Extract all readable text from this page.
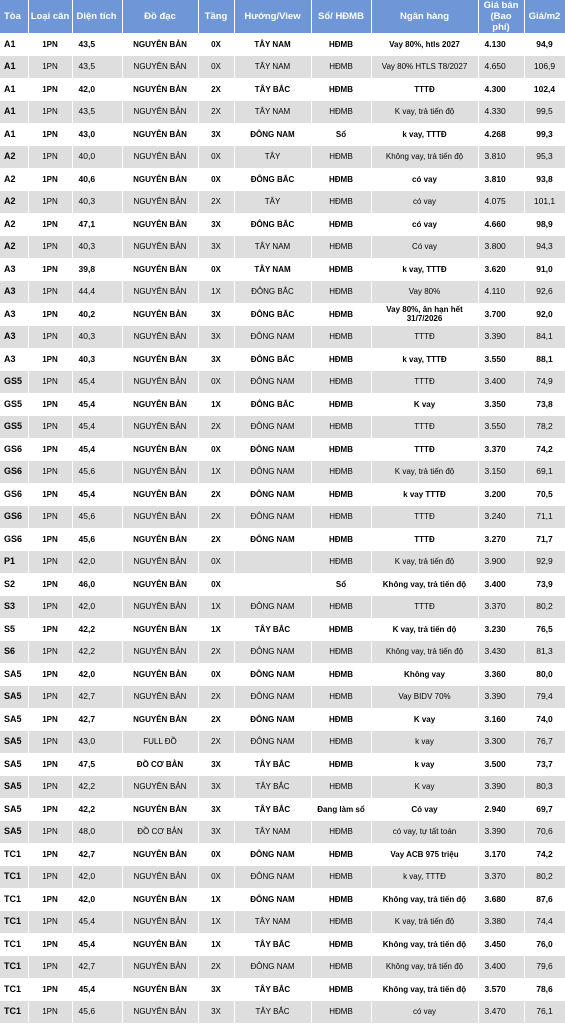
Tòa	Loại căn	Diện tích	Đồ đạc	Tầng	Hướng/View	Sổ/ HĐMB	Ngân hàng	Giá bán (Bao phí)	Giá/m2
A1	1PN	43,5	NGUYÊN BẢN	0X	TÂY NAM	HĐMB	Vay 80%, htls 2027	4.130	94,9
A1	1PN	43,5	NGUYÊN BẢN	0X	TÂY NAM	HĐMB	Vay 80% HTLS T8/2027	4.650	106,9
A1	1PN	42,0	NGUYÊN BẢN	2X	TÂY BẮC	HĐMB	TTTĐ	4.300	102,4
A1	1PN	43,5	NGUYÊN BẢN	2X	TÂY NAM	HĐMB	K vay, trả tiến độ	4.330	99,5
A1	1PN	43,0	NGUYÊN BẢN	3X	ĐÔNG NAM	Sổ	k vay, TTTĐ	4.268	99,3
A2	1PN	40,0	NGUYÊN BẢN	0X	TÂY	HĐMB	Không vay, trả tiến độ	3.810	95,3
A2	1PN	40,6	NGUYÊN BẢN	0X	ĐÔNG BẮC	HĐMB	có vay	3.810	93,8
A2	1PN	40,3	NGUYÊN BẢN	2X	TÂY	HĐMB	có vay	4.075	101,1
A2	1PN	47,1	NGUYÊN BẢN	3X	ĐÔNG BẮC	HĐMB	có vay	4.660	98,9
A2	1PN	40,3	NGUYÊN BẢN	3X	TÂY NAM	HĐMB	Có vay	3.800	94,3
A3	1PN	39,8	NGUYÊN BẢN	0X	TÂY NAM	HĐMB	k vay, TTTĐ	3.620	91,0
A3	1PN	44,4	NGUYÊN BẢN	1X	ĐÔNG BẮC	HĐMB	Vay 80%	4.110	92,6
A3	1PN	40,2	NGUYÊN BẢN	3X	ĐÔNG BẮC	HĐMB	Vay 80%, ân hạn hết 31/7/2026	3.700	92,0
A3	1PN	40,3	NGUYÊN BẢN	3X	ĐÔNG NAM	HĐMB	TTTĐ	3.390	84,1
A3	1PN	40,3	NGUYÊN BẢN	3X	ĐÔNG BẮC	HĐMB	k vay, TTTĐ	3.550	88,1
GS5	1PN	45,4	NGUYÊN BẢN	0X	ĐÔNG NAM	HĐMB	TTTĐ	3.400	74,9
GS5	1PN	45,4	NGUYÊN BẢN	1X	ĐÔNG BẮC	HĐMB	K vay	3.350	73,8
GS5	1PN	45,4	NGUYÊN BẢN	2X	ĐÔNG NAM	HĐMB	TTTĐ	3.550	78,2
GS6	1PN	45,4	NGUYÊN BẢN	0X	ĐÔNG NAM	HĐMB	TTTĐ	3.370	74,2
GS6	1PN	45,6	NGUYÊN BẢN	1X	ĐÔNG NAM	HĐMB	K vay, trả tiến độ	3.150	69,1
GS6	1PN	45,4	NGUYÊN BẢN	2X	ĐÔNG NAM	HĐMB	k vay TTTĐ	3.200	70,5
GS6	1PN	45,6	NGUYÊN BẢN	2X	ĐÔNG NAM	HĐMB	TTTĐ	3.240	71,1
GS6	1PN	45,6	NGUYÊN BẢN	2X	ĐÔNG NAM	HĐMB	TTTĐ	3.270	71,7
P1	1PN	42,0	NGUYÊN BẢN	0X		HĐMB	K vay, trả tiến độ	3.900	92,9
S2	1PN	46,0	NGUYÊN BẢN	0X		Sổ	Không vay, trả tiến độ	3.400	73,9
S3	1PN	42,0	NGUYÊN BẢN	1X	ĐÔNG NAM	HĐMB	TTTĐ	3.370	80,2
S5	1PN	42,2	NGUYÊN BẢN	1X	TÂY BẮC	HĐMB	K vay, trả tiến độ	3.230	76,5
S6	1PN	42,2	NGUYÊN BẢN	2X	ĐÔNG NAM	HĐMB	Không vay, trả tiến độ	3.430	81,3
SA5	1PN	42,0	NGUYÊN BẢN	0X	ĐÔNG NAM	HĐMB	Không vay	3.360	80,0
SA5	1PN	42,7	NGUYÊN BẢN	2X	ĐÔNG NAM	HĐMB	Vay BIDV 70%	3.390	79,4
SA5	1PN	42,7	NGUYÊN BẢN	2X	ĐÔNG NAM	HĐMB	K vay	3.160	74,0
SA5	1PN	43,0	FULL ĐỒ	2X	ĐÔNG NAM	HĐMB	k vay	3.300	76,7
SA5	1PN	47,5	ĐỒ CƠ BẢN	3X	TÂY BẮC	HĐMB	k vay	3.500	73,7
SA5	1PN	42,2	NGUYÊN BẢN	3X	TÂY BẮC	HĐMB	K vay	3.390	80,3
SA5	1PN	42,2	NGUYÊN BẢN	3X	TÂY BẮC	Đang làm sổ	Có vay	2.940	69,7
SA5	1PN	48,0	ĐỒ CƠ BẢN	3X	TÂY NAM	HĐMB	có vay, tự tất toán	3.390	70,6
TC1	1PN	42,7	NGUYÊN BẢN	0X	ĐÔNG NAM	HĐMB	Vay ACB 975 triệu	3.170	74,2
TC1	1PN	42,0	NGUYÊN BẢN	0X	ĐÔNG NAM	HĐMB	k vay, TTTĐ	3.370	80,2
TC1	1PN	42,0	NGUYÊN BẢN	1X	ĐÔNG NAM	HĐMB	Không vay, trả tiến độ	3.680	87,6
TC1	1PN	45,4	NGUYÊN BẢN	1X	TÂY NAM	HĐMB	K vay, trả tiến độ	3.380	74,4
TC1	1PN	45,4	NGUYÊN BẢN	1X	TÂY BẮC	HĐMB	Không vay, trả tiến độ	3.450	76,0
TC1	1PN	42,7	NGUYÊN BẢN	2X	ĐÔNG NAM	HĐMB	Không vay, trả tiến độ	3.400	79,6
TC1	1PN	45,4	NGUYÊN BẢN	3X	TÂY BẮC	HĐMB	Không vay, trả tiến độ	3.570	78,6
TC1	1PN	45,6	NGUYÊN BẢN	3X	TÂY BẮC	HĐMB	có vay	3.470	76,1
